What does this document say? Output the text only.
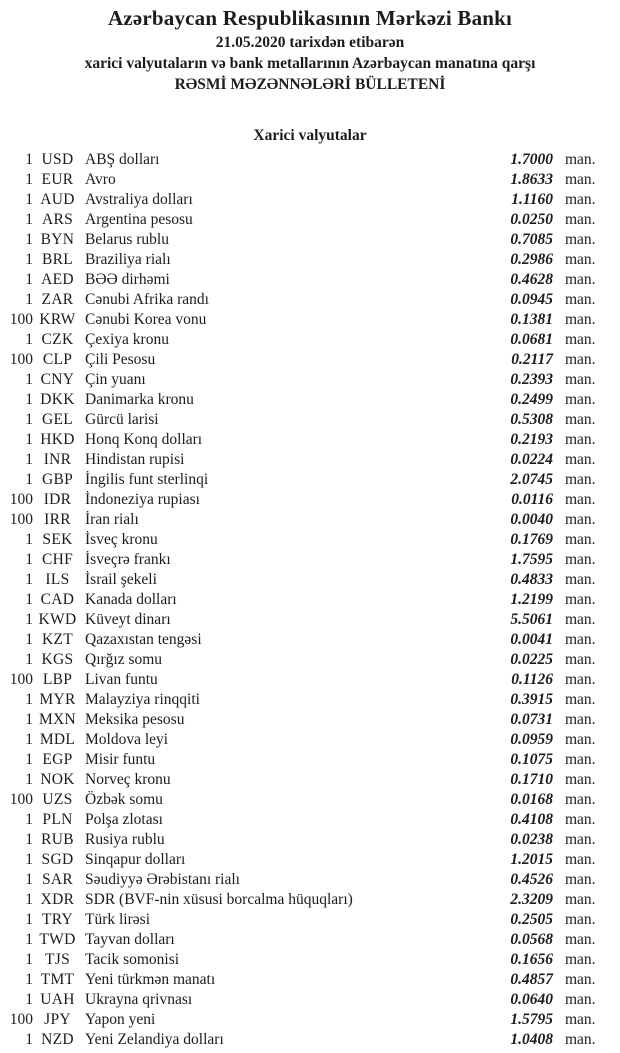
Azərbaycan Respublikasının Mərkəzi Bankı
21.05.2020 tarixdən etibarən
xarici valyutaların və bank metallarının Azərbaycan manatına qarşı
RƏSMİ MƏZƏNNƏLƏRİ BÜLLETENİ
Xarici valyutalar
1 USD ABŞ dolları	1.7000 man.
1 EUR Avro	1.8633 man.
1 AUD Avstraliya dolları	1.1160 man.
1 ARS Argentina pesosu	0.0250 man.
1 BYN Belarus rublu	0.7085 man.
1 BRL Braziliya rialı	0.2986 man.
1 AED BƏƏ dirhəmi	0.4628 man.
1 ZAR Cənubi Afrika randı	0.0945 man.
100 KRW Cənubi Korea vonu	0.1381 man.
1 CZK Çexiya kronu	0.0681 man.
100 CLP Çili Pesosu	0.2117 man.
1 CNY Çin yuanı	0.2393 man.
1 DKK Danimarka kronu	0.2499 man.
1 GEL Gürcü larisi	0.5308 man.
1 HKD Honq Konq dolları	0.2193 man.
1 INR Hindistan rupisi	0.0224 man.
1 GBP İngilis funt sterlinqi	2.0745 man.
100 IDR İndoneziya rupiası	0.0116 man.
100 IRR İran rialı	0.0040 man.
1 SEK İsveç kronu	0.1769 man.
1 CHF İsveçrə frankı	1.7595 man.
1 ILS İsrail şekeli	0.4833 man.
1 CAD Kanada dolları	1.2199 man.
1 KWD Küveyt dinarı	5.5061 man.
1 KZT Qazaxıstan tengəsi	0.0041 man.
1 KGS Qırğız somu	0.0225 man.
100 LBP Livan funtu	0.1126 man.
1 MYR Malayziya rinqqiti	0.3915 man.
1 MXN Meksika pesosu	0.0731 man.
1 MDL Moldova leyi	0.0959 man.
1 EGP Misir funtu	0.1075 man.
1 NOK Norveç kronu	0.1710 man.
100 UZS Özbək somu	0.0168 man.
1 PLN Polşa zlotası	0.4108 man.
1 RUB Rusiya rublu	0.0238 man.
1 SGD Sinqapur dolları	1.2015 man.
1 SAR Səudiyyə Ərəbistanı rialı	0.4526 man.
1 XDR SDR (BVF-nin xüsusi borcalma hüquqları)	2.3209 man.
1 TRY Türk lirəsi	0.2505 man.
1 TWD Tayvan dolları	0.0568 man.
1 TJS Tacik somonisi	0.1656 man.
1 TMT Yeni türkmən manatı	0.4857 man.
1 UAH Ukrayna qrivnası	0.0640 man.
100 JPY Yapon yeni	1.5795 man.
1 NZD Yeni Zelandiya dolları	1.0408 man.
